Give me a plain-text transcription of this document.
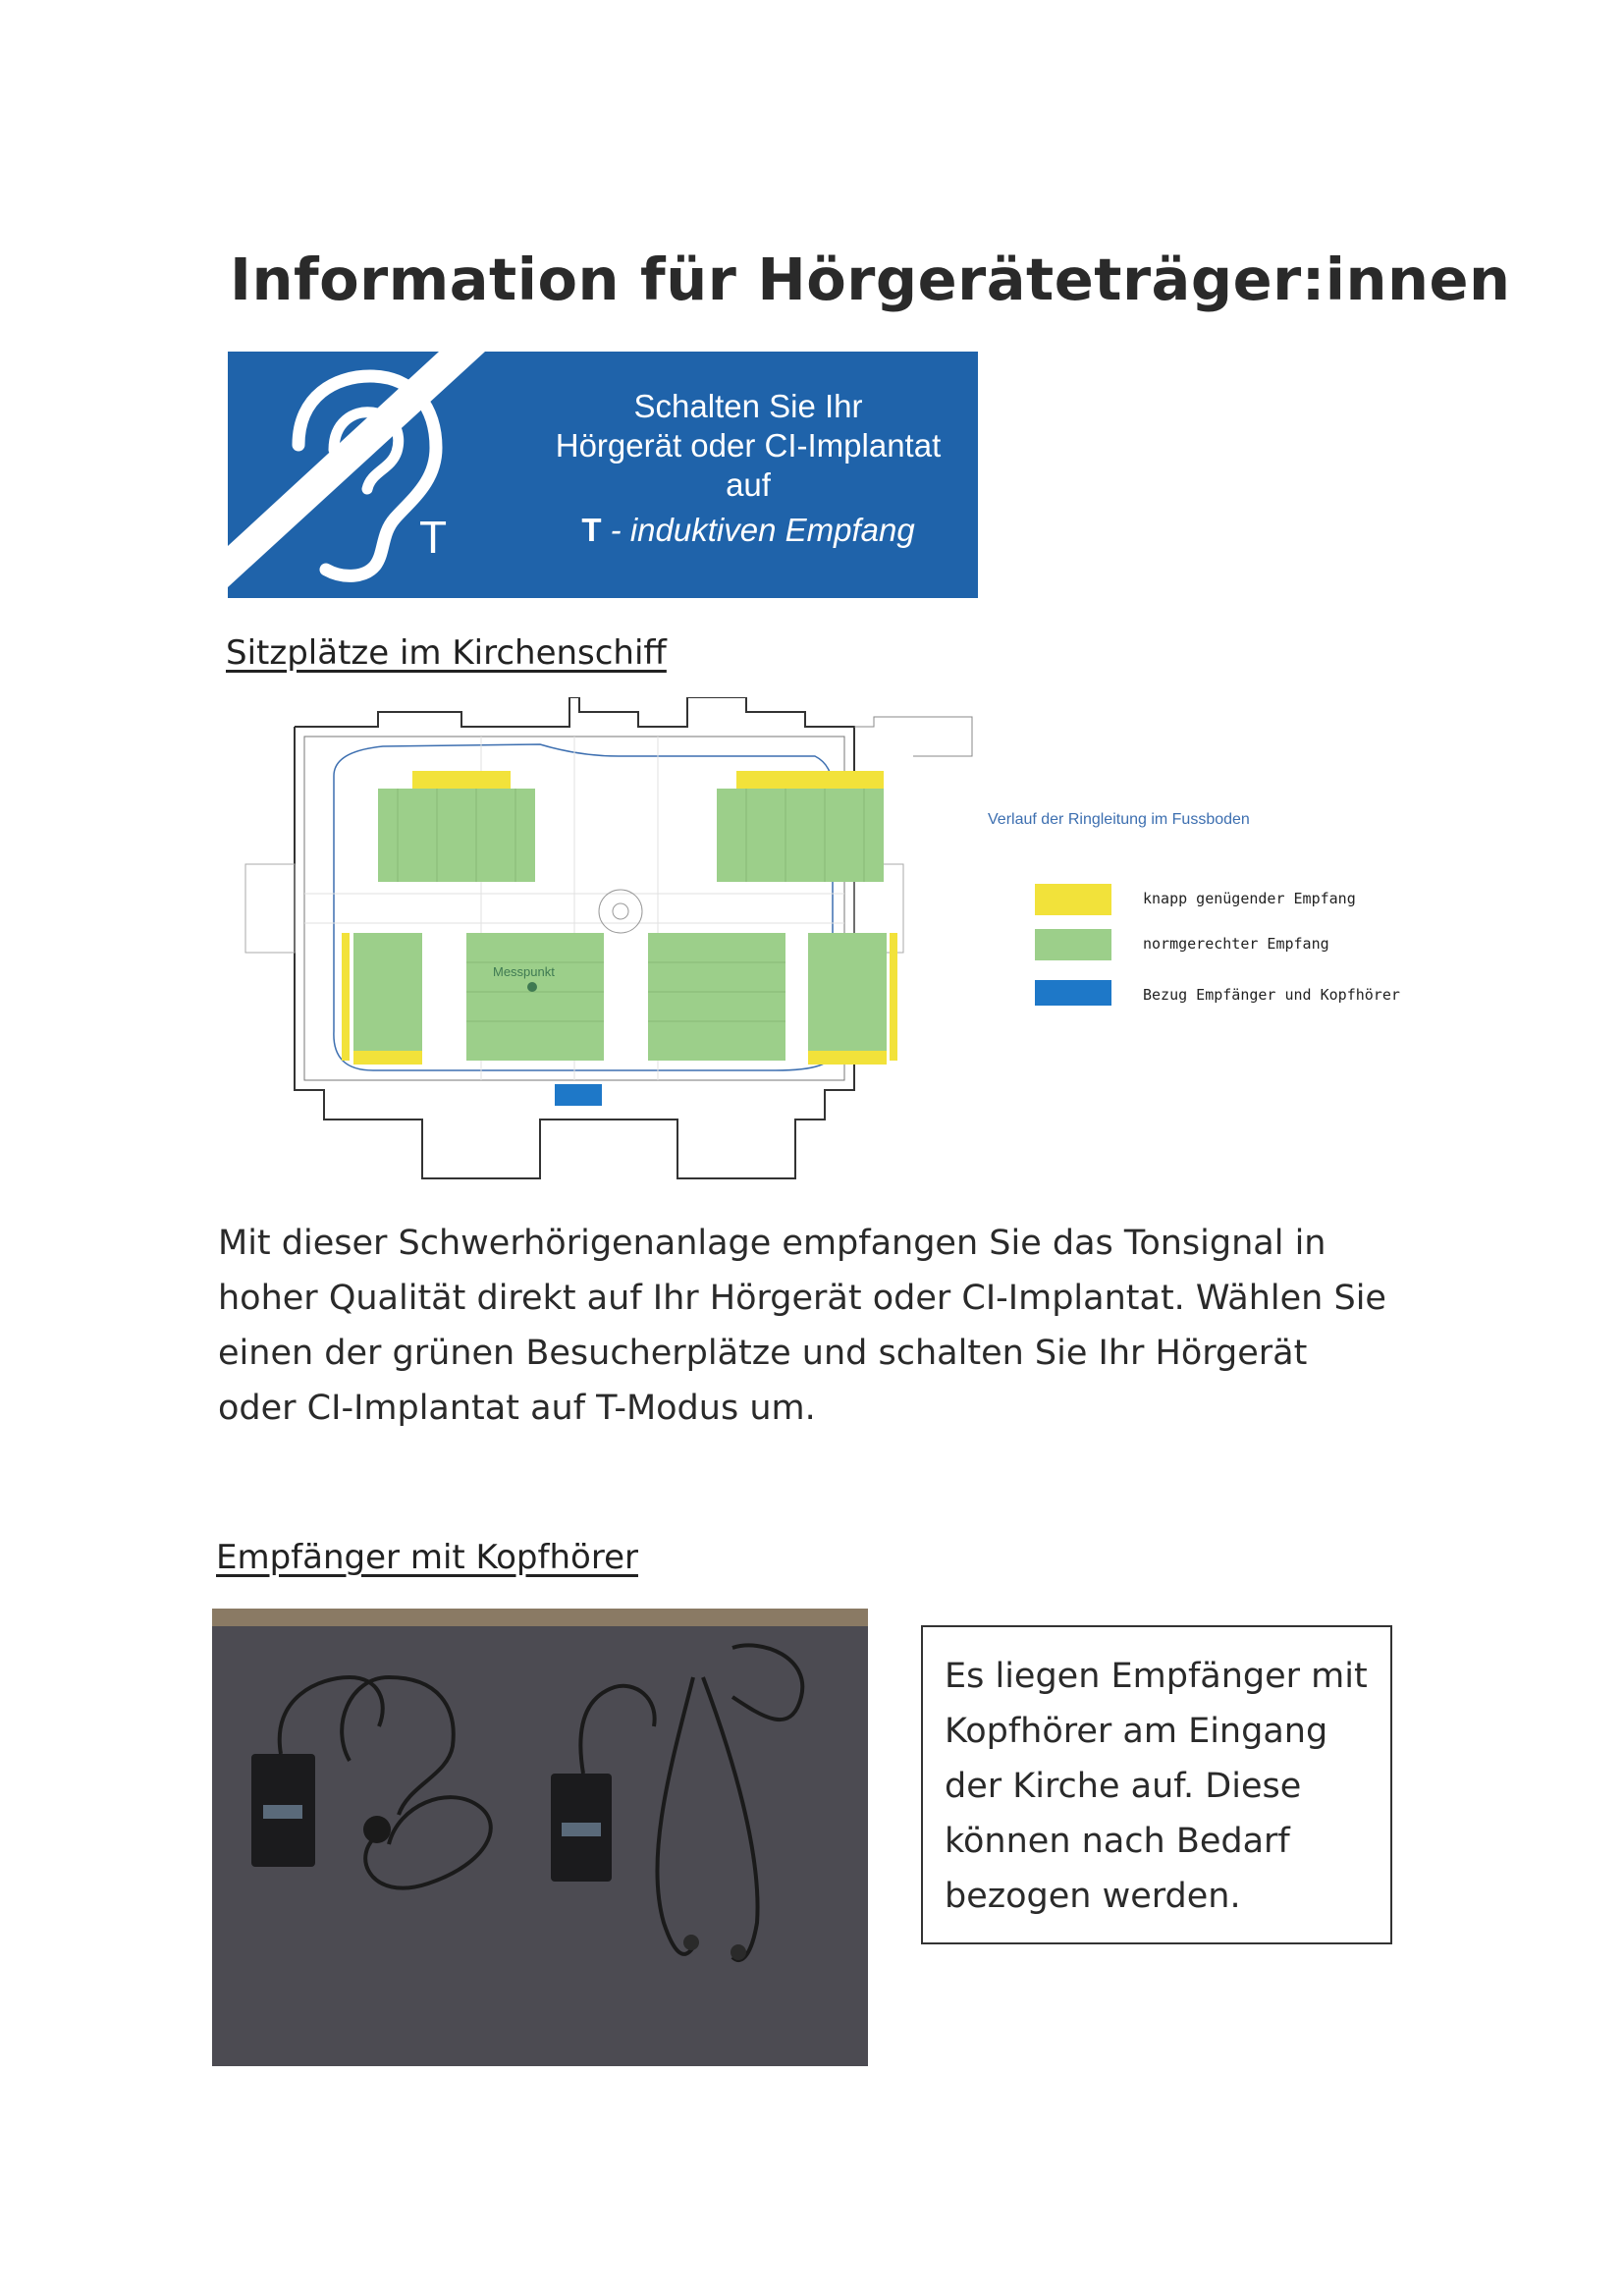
Information für Hörgeräteträger:innen
T
Schalten Sie Ihr
Hörgerät oder CI-Implantat
auf
T - induktiven Empfang
Sitzplätze im Kirchenschiff
Messpunkt
Verlauf der Ringleitung im Fussboden
knapp genügender Empfang
normgerechter Empfang
Bezug Empfänger und Kopfhörer
Mit dieser Schwerhörigenanlage empfangen Sie das Tonsignal in hoher Qualität direkt auf Ihr Hörgerät oder CI-Implantat. Wählen Sie einen der grünen Besucherplätze und schalten Sie Ihr Hörgerät oder CI-Implantat auf T-Modus um.
Empfänger mit Kopfhörer
Es liegen Empfänger mit Kopfhörer am Eingang der Kirche auf. Diese können nach Bedarf bezogen werden.
